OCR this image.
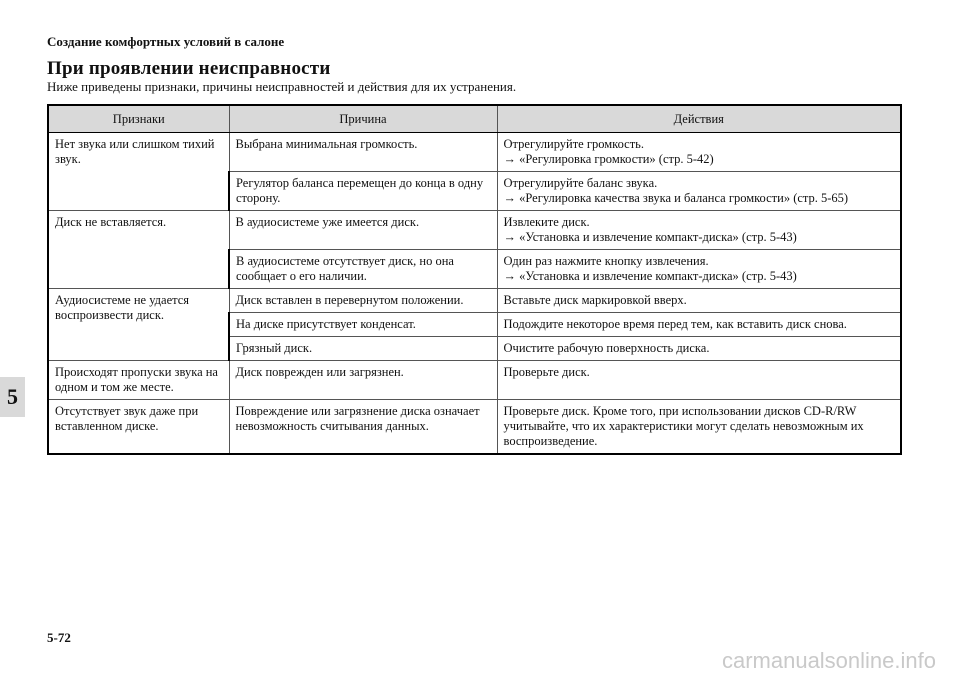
Создание комфортных условий в салоне
При проявлении неисправности
Ниже приведены признаки, причины неисправностей и действия для их устранения.
5
Признаки	Причина	Действия
Нет звука или слишком тихий звук.	Выбрана минимальная громкость.	Отрегулируйте громкость.
→ «Регулировка громкости» (стр. 5-42)

	Регулятор баланса перемещен до конца в одну сторону.	Отрегулируйте баланс звука.
→ «Регулировка качества звука и баланса громкости» (стр. 5-65)

Диск не вставляется.	В аудиосистеме уже имеется диск.	Извлеките диск.
→ «Установка и извлечение компакт-диска» (стр. 5-43)

	В аудиосистеме отсутствует диск, но она сообщает о его наличии.	Один раз нажмите кнопку извлечения.
→ «Установка и извлечение компакт-диска» (стр. 5-43)

Аудиосистеме не удается воспроизвести диск.	Диск вставлен в перевернутом положении.	Вставьте диск маркировкой вверх.
	На диске присутствует конденсат.	Подождите некоторое время перед тем, как вставить диск снова.
	Грязный диск.	Очистите рабочую поверхность диска.
Происходят пропуски звука на одном и том же месте.	Диск поврежден или загрязнен.	Проверьте диск.
Отсутствует звук даже при вставленном диске.	Повреждение или загрязнение диска означает невозможность считывания данных.	Проверьте диск. Кроме того, при использовании дисков CD-R/RW учитывайте, что их характеристики могут сделать невозможным их воспроизведение.
5-72
carmanualsonline.info
